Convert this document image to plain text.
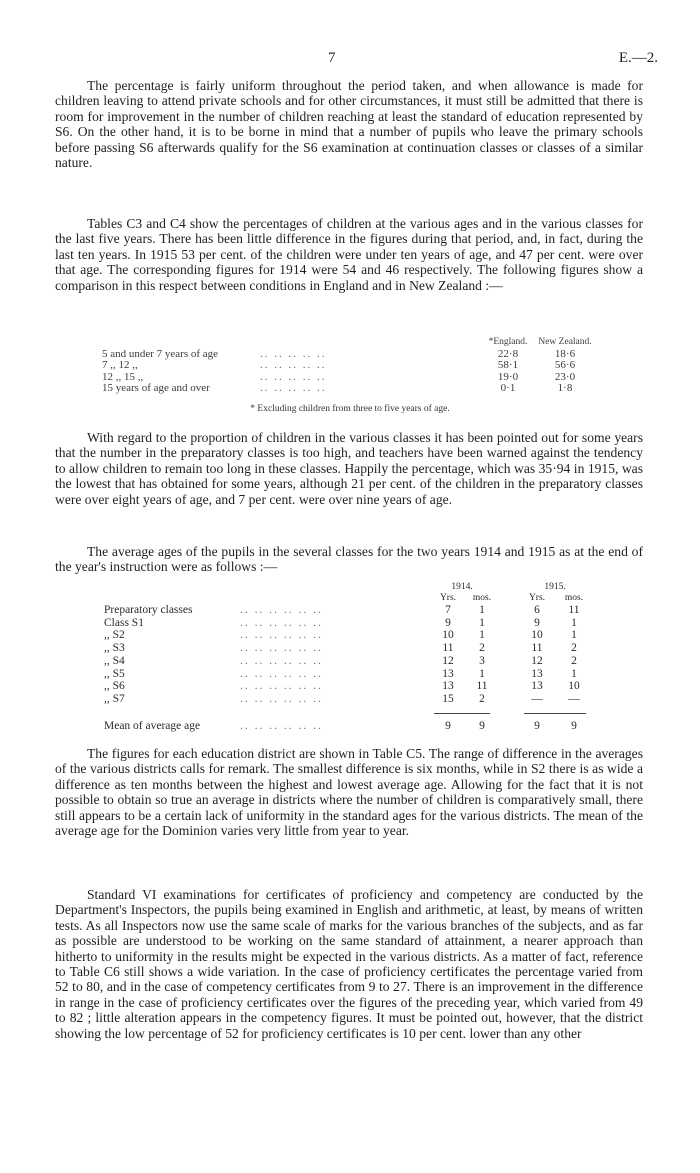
7	E.—2.

The percentage is fairly uniform throughout the period taken, and when allowance is made for children leaving to attend private schools and for other circumstances, it must still be admitted that there is room for improvement in the number of children reaching at least the standard of education represented by S6. On the other hand, it is to be borne in mind that a number of pupils who leave the primary schools before passing S6 afterwards qualify for the S6 examination at continuation classes or classes of a similar nature.

Tables C3 and C4 show the percentages of children at the various ages and in the various classes for the last five years. There has been little difference in the figures during that period, and, in fact, during the last ten years. In 1915 53 per cent. of the children were under ten years of age, and 47 per cent. were over that age. The corresponding figures for 1914 were 54 and 46 respectively. The following figures show a comparison in this respect between conditions in England and in New Zealand :—

		*England.	New Zealand.
5 and under 7 years of age	.. .. .. .. ..	22·8	18·6
7 ,, 12 ,,	.. .. .. .. ..	58·1	56·6
12 ,, 15 ,,	.. .. .. .. ..	19·0	23·0
15 years of age and over	.. .. .. .. ..	0·1	1·8
* Excluding children from three to five years of age.

With regard to the proportion of children in the various classes it has been pointed out for some years that the number in the preparatory classes is too high, and teachers have been warned against the tendency to allow children to remain too long in these classes. Happily the percentage, which was 35·94 in 1915, was the lowest that has obtained for some years, although 21 per cent. of the children in the preparatory classes were over eight years of age, and 7 per cent. were over nine years of age.

The average ages of the pupils in the several classes for the two years 1914 and 1915 as at the end of the year's instruction were as follows :—

		1914.			1915.	
		Yrs.	mos.		Yrs.	mos.
Preparatory classes	.. .. .. .. .. ..	7	1		6	11
Class S1	.. .. .. .. .. ..	9	1		9	1
,, S2	.. .. .. .. .. ..	10	1		10	1
,, S3	.. .. .. .. .. ..	11	2		11	2
,, S4	.. .. .. .. .. ..	12	3		12	2
,, S5	.. .. .. .. .. ..	13	1		13	1
,, S6	.. .. .. .. .. ..	13	11		13	10
,, S7	.. .. .. .. .. ..	15	2		—	—

Mean of average age	.. .. .. .. .. ..	9	9		9	9

The figures for each education district are shown in Table C5. The range of difference in the averages of the various districts calls for remark. The smallest difference is six months, while in S2 there is as wide a difference as ten months between the highest and lowest average age. Allowing for the fact that it is not possible to obtain so true an average in districts where the number of children is comparatively small, there still appears to be a certain lack of uniformity in the standard ages for the various districts. The mean of the average age for the Dominion varies very little from year to year.

Standard VI examinations for certificates of proficiency and competency are conducted by the Department's Inspectors, the pupils being examined in English and arithmetic, at least, by means of written tests. As all Inspectors now use the same scale of marks for the various branches of the subjects, and as far as possible are understood to be working on the same standard of attainment, a nearer approach than hitherto to uniformity in the results might be expected in the various districts. As a matter of fact, reference to Table C6 still shows a wide variation. In the case of proficiency certificates the percentage varied from 52 to 80, and in the case of competency certificates from 9 to 27. There is an improvement in the difference in range in the case of proficiency certificates over the figures of the preceding year, which varied from 49 to 82 ; little alteration appears in the competency figures. It must be pointed out, however, that the district showing the low percentage of 52 for proficiency certificates is 10 per cent. lower than any other
